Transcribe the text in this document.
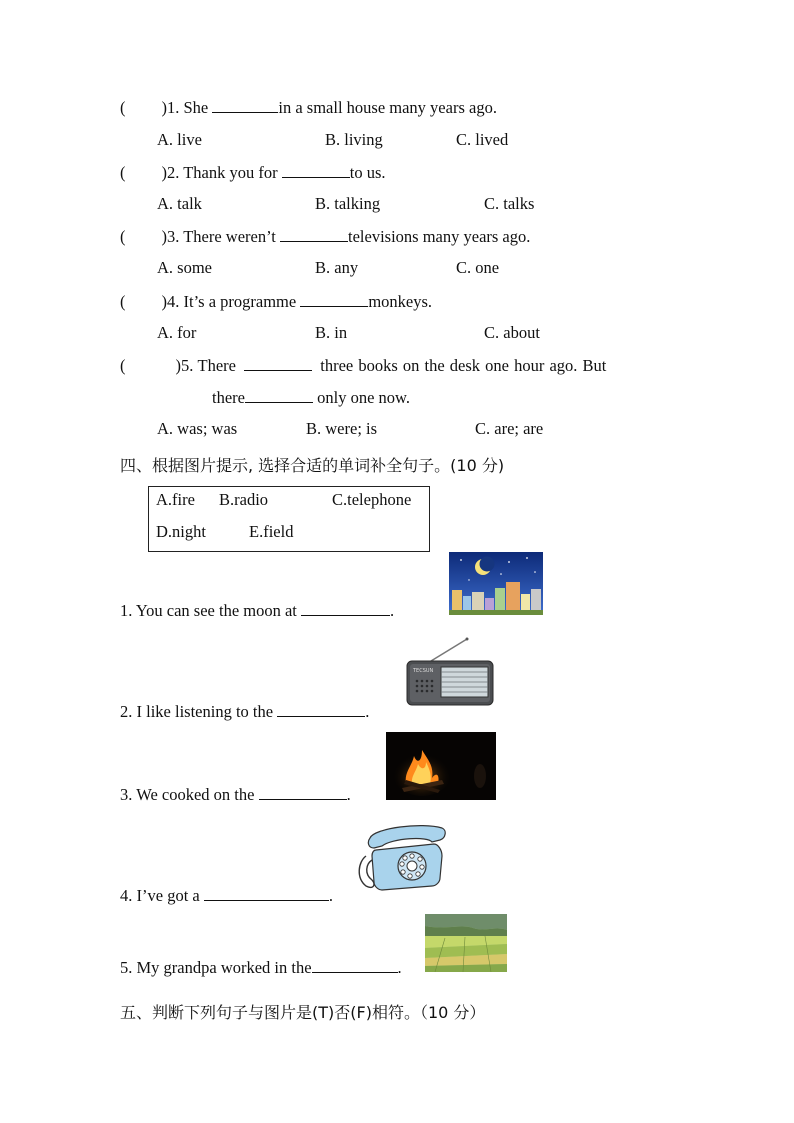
( )1. She	in a small house many years ago.
A. live	B. living	C. lived
( )2. Thank you for	to us.
A. talk	B. talking	C. talks
( )3. There weren’t	televisions many years ago.
A. some	B. any	C. one
( )4. It’s a programme	monkeys.
A. for	B. in	C. about
(	)5. There	three books on the desk one hour ago. But
there	only one now.
A. was; was	B. were; is	C. are; are
四、根据图片提示, 选择合适的单词补全句子。(10 分)
A.fire B.radio	C.telephone
D.night	E.field
1. You can see the moon at	.
TECSUN
2. I like listening to the	.
3. We cooked on the	.
4. I’ve got a	.
5. My grandpa worked in the	.
五、判断下列句子与图片是(T)否(F)相符。（10 分）
